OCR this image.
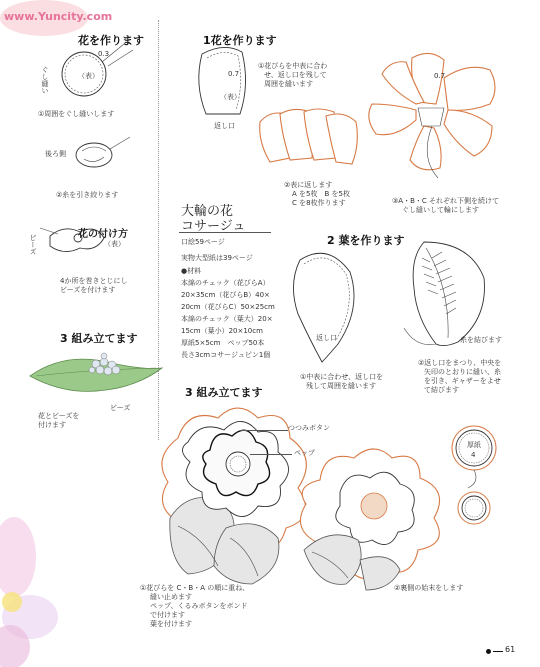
www.Yuncity.com
花を作ります
0.3
ぐし縫い	（表）
①周囲をぐし縫いします
後ろ側
②糸を引き絞ります
ビーズ	花の付け方
（表）
4か所を巻きとじにし
ビーズを付けます
3 組み立てます
ビーズ
花とビーズを
付けます
1花を作ります
0.7
（表）
返し口
①花びらを中表に合わ
せ、返し口を残して
周囲を縫います
②表に返します
A を5枚　B を5枚
C を8枚作ります
0.7
③A・B・C それぞれ下側を続けて
ぐし縫いして輪にします
大輪の花
コサージュ
口絵59ページ
実物大型紙は39ページ
●材料
本綿のチェック（花びらA）
20×35cm（花びらB）40×
20cm（花びらC）50×25cm
本綿のチェック（葉大）20×
15cm（葉小）20×10cm
厚紙5×5cm　ペップ50本
長さ3cmコサージュピン1個
2 葉を作ります
返し口
①中表に合わせ、返し口を
残して周囲を縫います
糸を結びます
②返し口をまつり、中央を
矢印のとおりに縫い、糸
を引き、ギャザーをよせ
て結びます
3 組み立てます
つつみボタン
ペップ
厚紙
4
①花びらを C・B・A の順に重ね、
縫い止めます
ペップ、くるみボタンをボンド
で付けます
葉を付けます
②裏側の始末をします
61
